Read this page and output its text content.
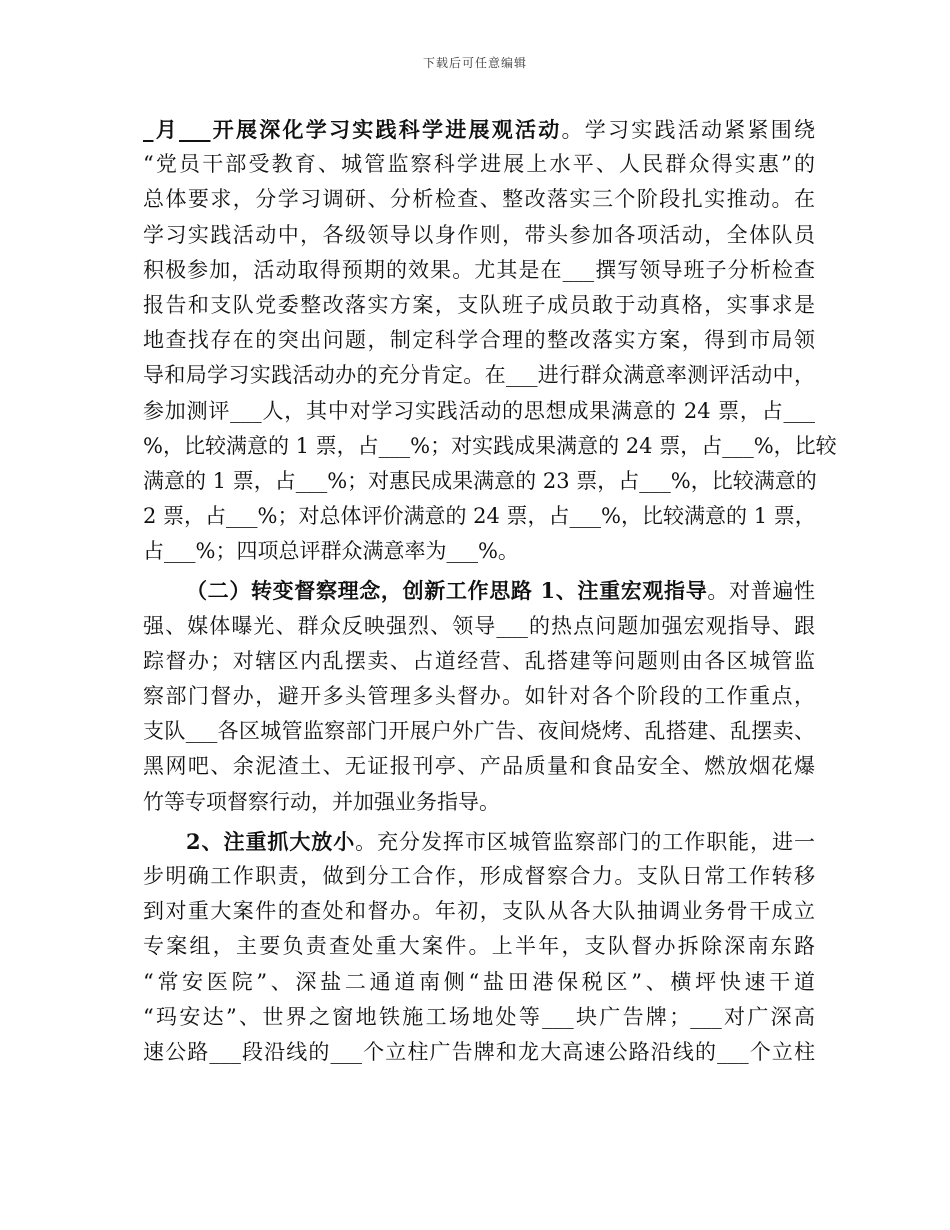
下载后可任意编辑
_月___开展深化学习实践科学进展观活动。学习实践活动紧紧围绕
“党员干部受教育、城管监察科学进展上水平、人民群众得实惠”的
总体要求，分学习调研、分析检查、整改落实三个阶段扎实推动。在
学习实践活动中，各级领导以身作则，带头参加各项活动，全体队员
积极参加，活动取得预期的效果。尤其是在___撰写领导班子分析检查
报告和支队党委整改落实方案，支队班子成员敢于动真格，实事求是
地查找存在的突出问题，制定科学合理的整改落实方案，得到市局领
导和局学习实践活动办的充分肯定。在___进行群众满意率测评活动中，
参加测评___人，其中对学习实践活动的思想成果满意的 24 票，占___
%，比较满意的 1 票，占___%；对实践成果满意的 24 票，占___%，比较
满意的 1 票，占___%；对惠民成果满意的 23 票，占___%，比较满意的
2 票，占___%；对总体评价满意的 24 票，占___%，比较满意的 1 票，
占___%；四项总评群众满意率为___%。
（二）转变督察理念，创新工作思路 1、注重宏观指导。对普遍性
强、媒体曝光、群众反映强烈、领导___的热点问题加强宏观指导、跟
踪督办；对辖区内乱摆卖、占道经营、乱搭建等问题则由各区城管监
察部门督办，避开多头管理多头督办。如针对各个阶段的工作重点，
支队___各区城管监察部门开展户外广告、夜间烧烤、乱搭建、乱摆卖、
黑网吧、余泥渣土、无证报刊亭、产品质量和食品安全、燃放烟花爆
竹等专项督察行动，并加强业务指导。
2、注重抓大放小。充分发挥市区城管监察部门的工作职能，进一
步明确工作职责，做到分工合作，形成督察合力。支队日常工作转移
到对重大案件的查处和督办。年初，支队从各大队抽调业务骨干成立
专案组，主要负责查处重大案件。上半年，支队督办拆除深南东路
“常安医院”、深盐二通道南侧“盐田港保税区”、横坪快速干道
“玛安达”、世界之窗地铁施工场地处等___块广告牌；___对广深高
速公路___段沿线的___个立柱广告牌和龙大高速公路沿线的___个立柱
